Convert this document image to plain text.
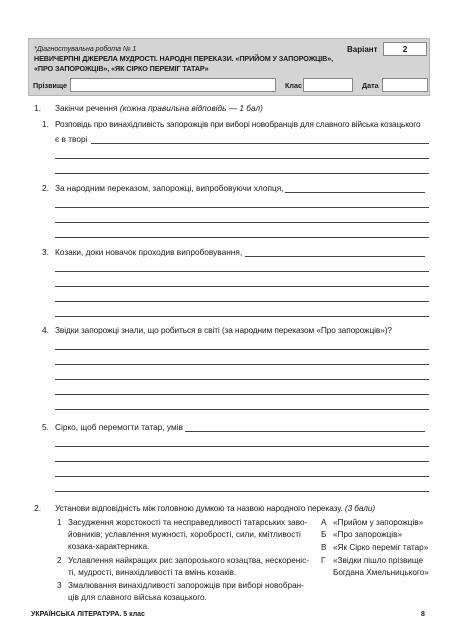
*Діагностувальна робота № 1
НЕВИЧЕРПНІ ДЖЕРЕЛА МУДРОСТІ. НАРОДНІ ПЕРЕКАЗИ. «ПРИЙОМ У ЗАПОРОЖЦІВ»,
«ПРО ЗАПОРОЖЦІВ», «ЯК СІРКО ПЕРЕМІГ ТАТАР»
Варіант	2
Прізвище	Клас	Дата
1. Закінчи речення (кожна правильна відповідь — 1 бал)
1. Розповідь про винахідливість запорожців при виборі новобранців для славного війська козацького
є в творі
2. За народним переказом, запорожці, випробовуючи хлопця,
3. Козаки, доки новачок проходив випробовування,
4. Звідки запорожці знали, що робиться в світі (за народним переказом «Про запорожців»)?
5. Сірко, щоб перемогти татар, умів
2. Установи відповідність між головною думкою та назвою народного переказу. (3 бали)
1 Засудження жорстокості та несправедливості татарських заво-
йовників; уславлення мужності, хоробрості, сили, кмітливості
козака-характерника.
2 Уславлення найкращих рис запорозького козацтва, нескореніс-
ті, мудрості, винахідливості та вмінь козаків.
3 Змалювання винахідливості запорожців при виборі новобран-
ців для славного війська козацького.
А «Прийом у запорожців»
Б «Про запорожців»
В «Як Сірко переміг татар»
Г «Звідки пішло прізвище
Богдана Хмельницького»
УКРАЇНСЬКА ЛІТЕРАТУРА. 5 клас	8
